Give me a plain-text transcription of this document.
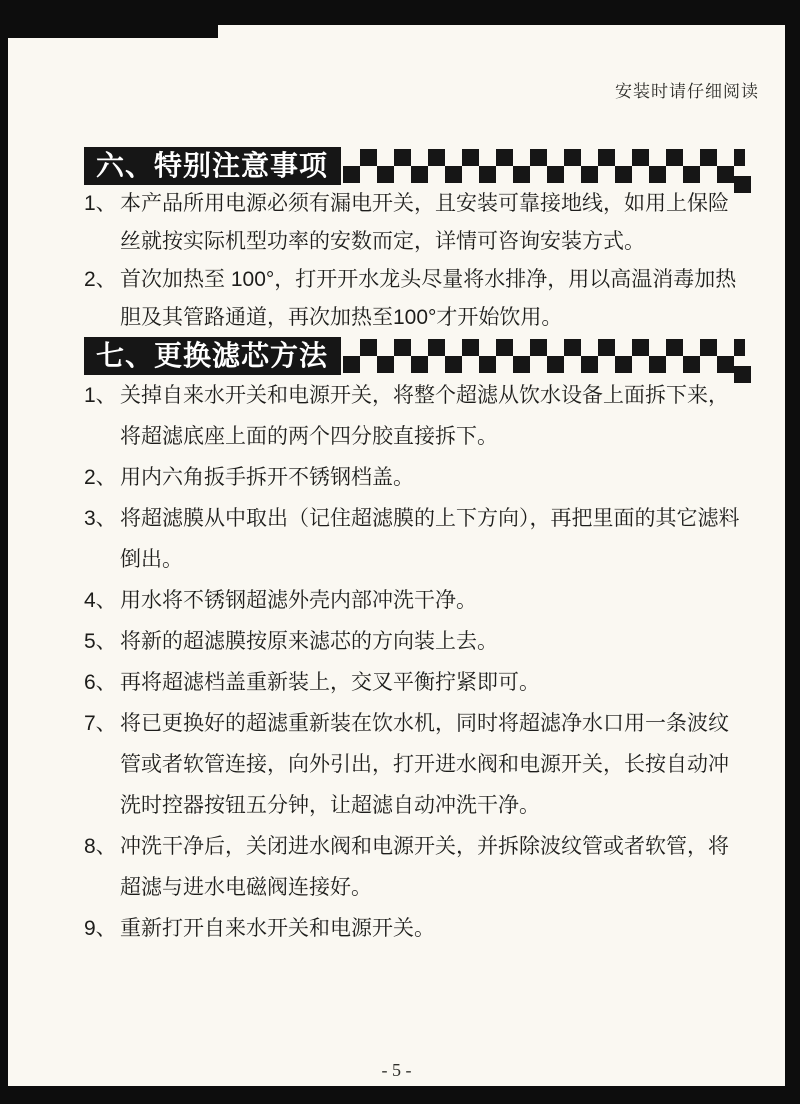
安装时请仔细阅读
六、特别注意事项
1、 本产品所用电源必须有漏电开关，且安装可靠接地线，如用上保险丝就按实际机型功率的安数而定，详情可咨询安装方式。
2、 首次加热至 100°，打开开水龙头尽量将水排净，用以高温消毒加热胆及其管路通道，再次加热至100°才开始饮用。
七、更换滤芯方法
1、 关掉自来水开关和电源开关，将整个超滤从饮水设备上面拆下来，将超滤底座上面的两个四分胶直接拆下。
2、 用内六角扳手拆开不锈钢档盖。
3、 将超滤膜从中取出（记住超滤膜的上下方向），再把里面的其它滤料倒出。
4、 用水将不锈钢超滤外壳内部冲洗干净。
5、 将新的超滤膜按原来滤芯的方向装上去。
6、 再将超滤档盖重新装上，交叉平衡拧紧即可。
7、 将已更换好的超滤重新装在饮水机，同时将超滤净水口用一条波纹管或者软管连接，向外引出，打开进水阀和电源开关，长按自动冲洗时控器按钮五分钟，让超滤自动冲洗干净。
8、 冲洗干净后，关闭进水阀和电源开关，并拆除波纹管或者软管，将超滤与进水电磁阀连接好。
9、 重新打开自来水开关和电源开关。
- 5 -
